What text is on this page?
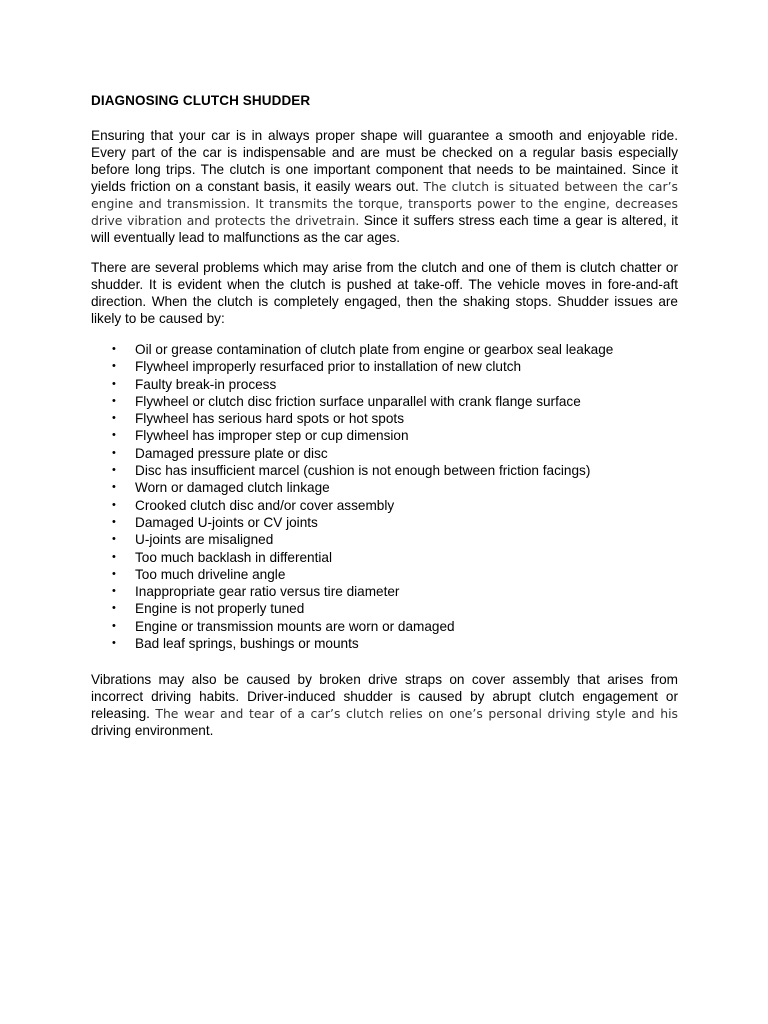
DIAGNOSING CLUTCH SHUDDER

Ensuring that your car is in always proper shape will guarantee a smooth and enjoyable ride. Every part of the car is indispensable and are must be checked on a regular basis especially before long trips. The clutch is one important component that needs to be maintained. Since it yields friction on a constant basis, it easily wears out. The clutch is situated between the car’s engine and transmission. It transmits the torque, transports power to the engine, decreases drive vibration and protects the drivetrain. Since it suffers stress each time a gear is altered, it will eventually lead to malfunctions as the car ages.

There are several problems which may arise from the clutch and one of them is clutch chatter or shudder. It is evident when the clutch is pushed at take-off. The vehicle moves in fore-and-aft direction. When the clutch is completely engaged, then the shaking stops. Shudder issues are likely to be caused by:

• Oil or grease contamination of clutch plate from engine or gearbox seal leakage
• Flywheel improperly resurfaced prior to installation of new clutch
• Faulty break-in process
• Flywheel or clutch disc friction surface unparallel with crank flange surface
• Flywheel has serious hard spots or hot spots
• Flywheel has improper step or cup dimension
• Damaged pressure plate or disc
• Disc has insufficient marcel (cushion is not enough between friction facings)
• Worn or damaged clutch linkage
• Crooked clutch disc and/or cover assembly
• Damaged U-joints or CV joints
• U-joints are misaligned
• Too much backlash in differential
• Too much driveline angle
• Inappropriate gear ratio versus tire diameter
• Engine is not properly tuned
• Engine or transmission mounts are worn or damaged
• Bad leaf springs, bushings or mounts

Vibrations may also be caused by broken drive straps on cover assembly that arises from incorrect driving habits. Driver-induced shudder is caused by abrupt clutch engagement or releasing. The wear and tear of a car’s clutch relies on one’s personal driving style and his driving environment.
